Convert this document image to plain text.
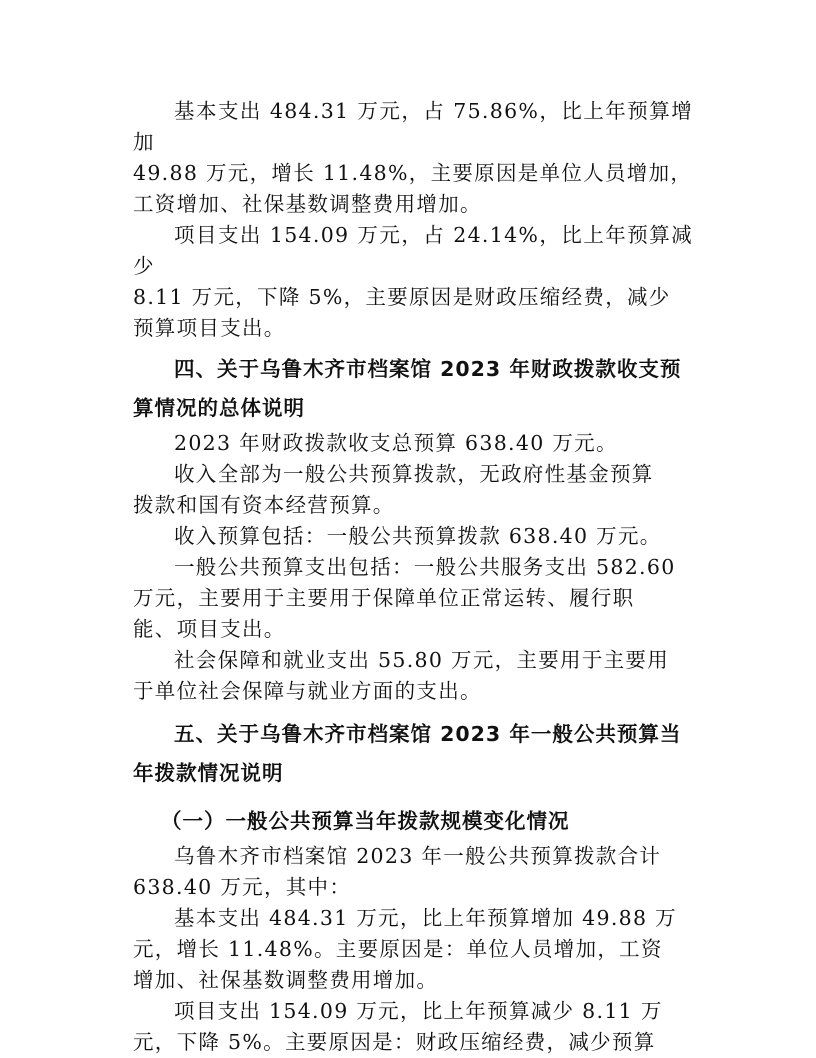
基本支出 484.31 万元，占 75.86%，比上年预算增加
49.88 万元，增长 11.48%，主要原因是单位人员增加，
工资增加、社保基数调整费用增加。

项目支出 154.09 万元，占 24.14%，比上年预算减少
8.11 万元，下降 5%，主要原因是财政压缩经费，减少
预算项目支出。

四、关于乌鲁木齐市档案馆 2023 年财政拨款收支预
算情况的总体说明

2023 年财政拨款收支总预算 638.40 万元。

收入全部为一般公共预算拨款，无政府性基金预算
拨款和国有资本经营预算。

收入预算包括：一般公共预算拨款 638.40 万元。

一般公共预算支出包括：一般公共服务支出 582.60
万元，主要用于主要用于保障单位正常运转、履行职
能、项目支出。

社会保障和就业支出 55.80 万元，主要用于主要用
于单位社会保障与就业方面的支出。

五、关于乌鲁木齐市档案馆 2023 年一般公共预算当
年拨款情况说明

（一）一般公共预算当年拨款规模变化情况

乌鲁木齐市档案馆 2023 年一般公共预算拨款合计
638.40 万元，其中：

基本支出 484.31 万元，比上年预算增加 49.88 万
元，增长 11.48%。主要原因是：单位人员增加，工资
增加、社保基数调整费用增加。

项目支出 154.09 万元，比上年预算减少 8.11 万
元，下降 5%。主要原因是：财政压缩经费，减少预算
